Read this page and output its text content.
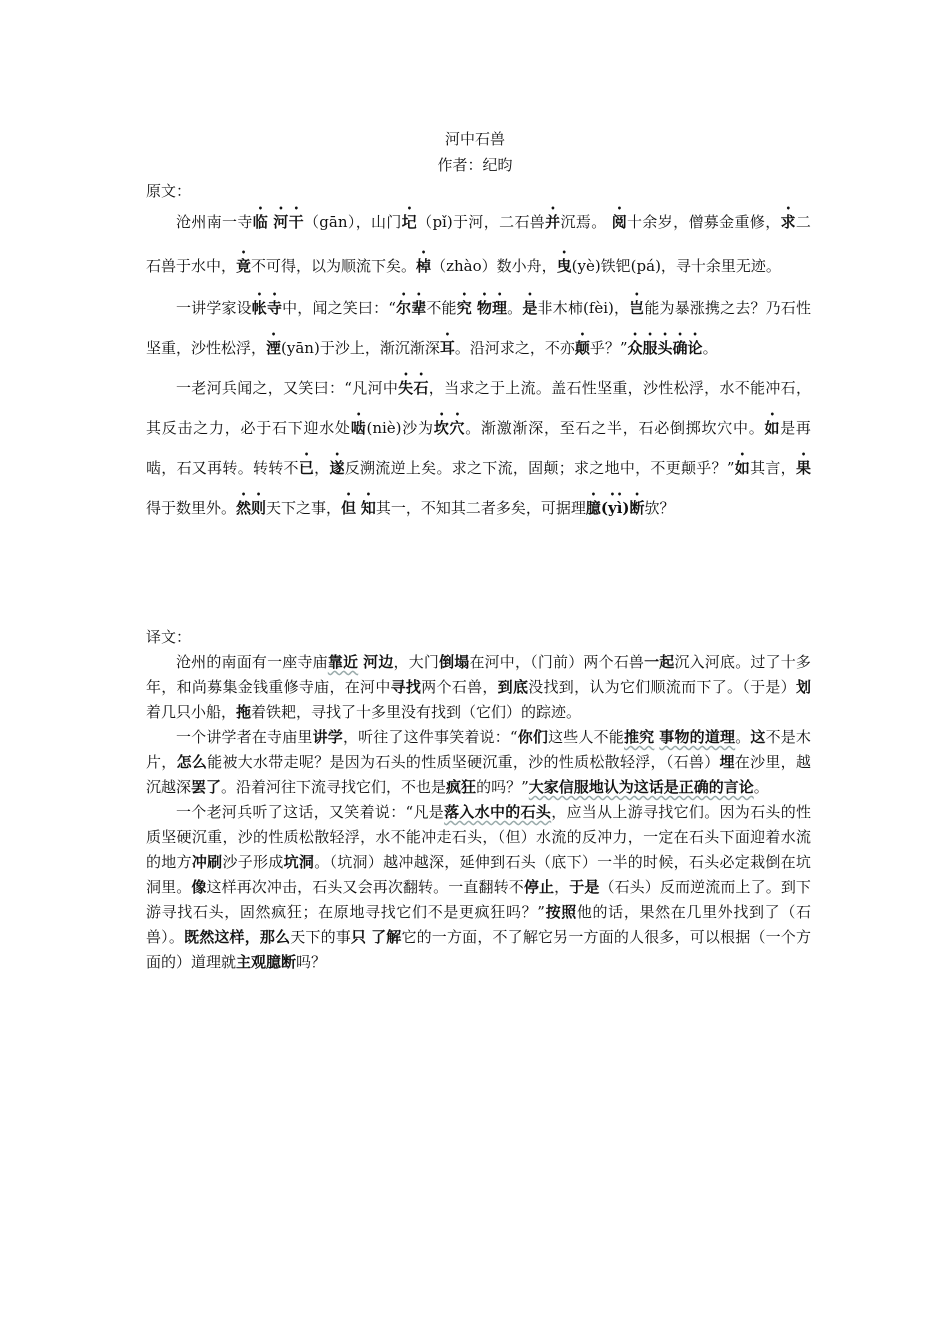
河中石兽
作者：纪昀
原文：

沧州南一寺临 河干（gān），山门圮（pǐ)于河，二石兽并沉焉。 阅十余岁，僧募金重修，求二石兽于水中，竟不可得，以为顺流下矣。棹（zhào）数小舟，曳(yè)铁钯(pá)，寻十余里无迹。

一讲学家设帐寺中，闻之笑曰：“尔辈不能究 物理。是非木柿(fèi)，岂能为暴涨携之去？乃石性坚重，沙性松浮，湮(yān)于沙上，渐沉渐深耳。沿河求之，不亦颠乎？”众服头确论。

一老河兵闻之，又笑曰：“凡河中失石，当求之于上流。盖石性坚重，沙性松浮，水不能冲石，其反击之力，必于石下迎水处啮(niè)沙为坎穴。渐激渐深，至石之半，石必倒掷坎穴中。如是再啮，石又再转。转转不已，遂反溯流逆上矣。求之下流，固颠；求之地中，不更颠乎？”如其言，果得于数里外。然则天下之事，但 知其一，不知其二者多矣，可据理臆(yì)断欤？

译文：

沧州的南面有一座寺庙靠近 河边，大门倒塌在河中，（门前）两个石兽一起沉入河底。过了十多年，和尚募集金钱重修寺庙，在河中寻找两个石兽，到底没找到，认为它们顺流而下了。（于是）划着几只小船，拖着铁耙，寻找了十多里没有找到（它们）的踪迹。

一个讲学者在寺庙里讲学，听往了这件事笑着说：“你们这些人不能推究 事物的道理。这不是木片，怎么能被大水带走呢？是因为石头的性质坚硬沉重，沙的性质松散轻浮，（石兽）埋在沙里，越沉越深罢了。沿着河往下流寻找它们，不也是疯狂的吗？”大家信服地认为这话是正确的言论。

一个老河兵听了这话，又笑着说：“凡是落入水中的石头，应当从上游寻找它们。因为石头的性质坚硬沉重，沙的性质松散轻浮，水不能冲走石头，（但）水流的反冲力，一定在石头下面迎着水流的地方冲刷沙子形成坑洞。（坑洞）越冲越深，延伸到石头（底下）一半的时候，石头必定栽倒在坑洞里。像这样再次冲击，石头又会再次翻转。一直翻转不停止，于是（石头）反而逆流而上了。到下游寻找石头，固然疯狂；在原地寻找它们不是更疯狂吗？”按照他的话，果然在几里外找到了（石兽）。既然这样，那么天下的事只 了解它的一方面，不了解它另一方面的人很多，可以根据（一个方面的）道理就主观臆断吗？
